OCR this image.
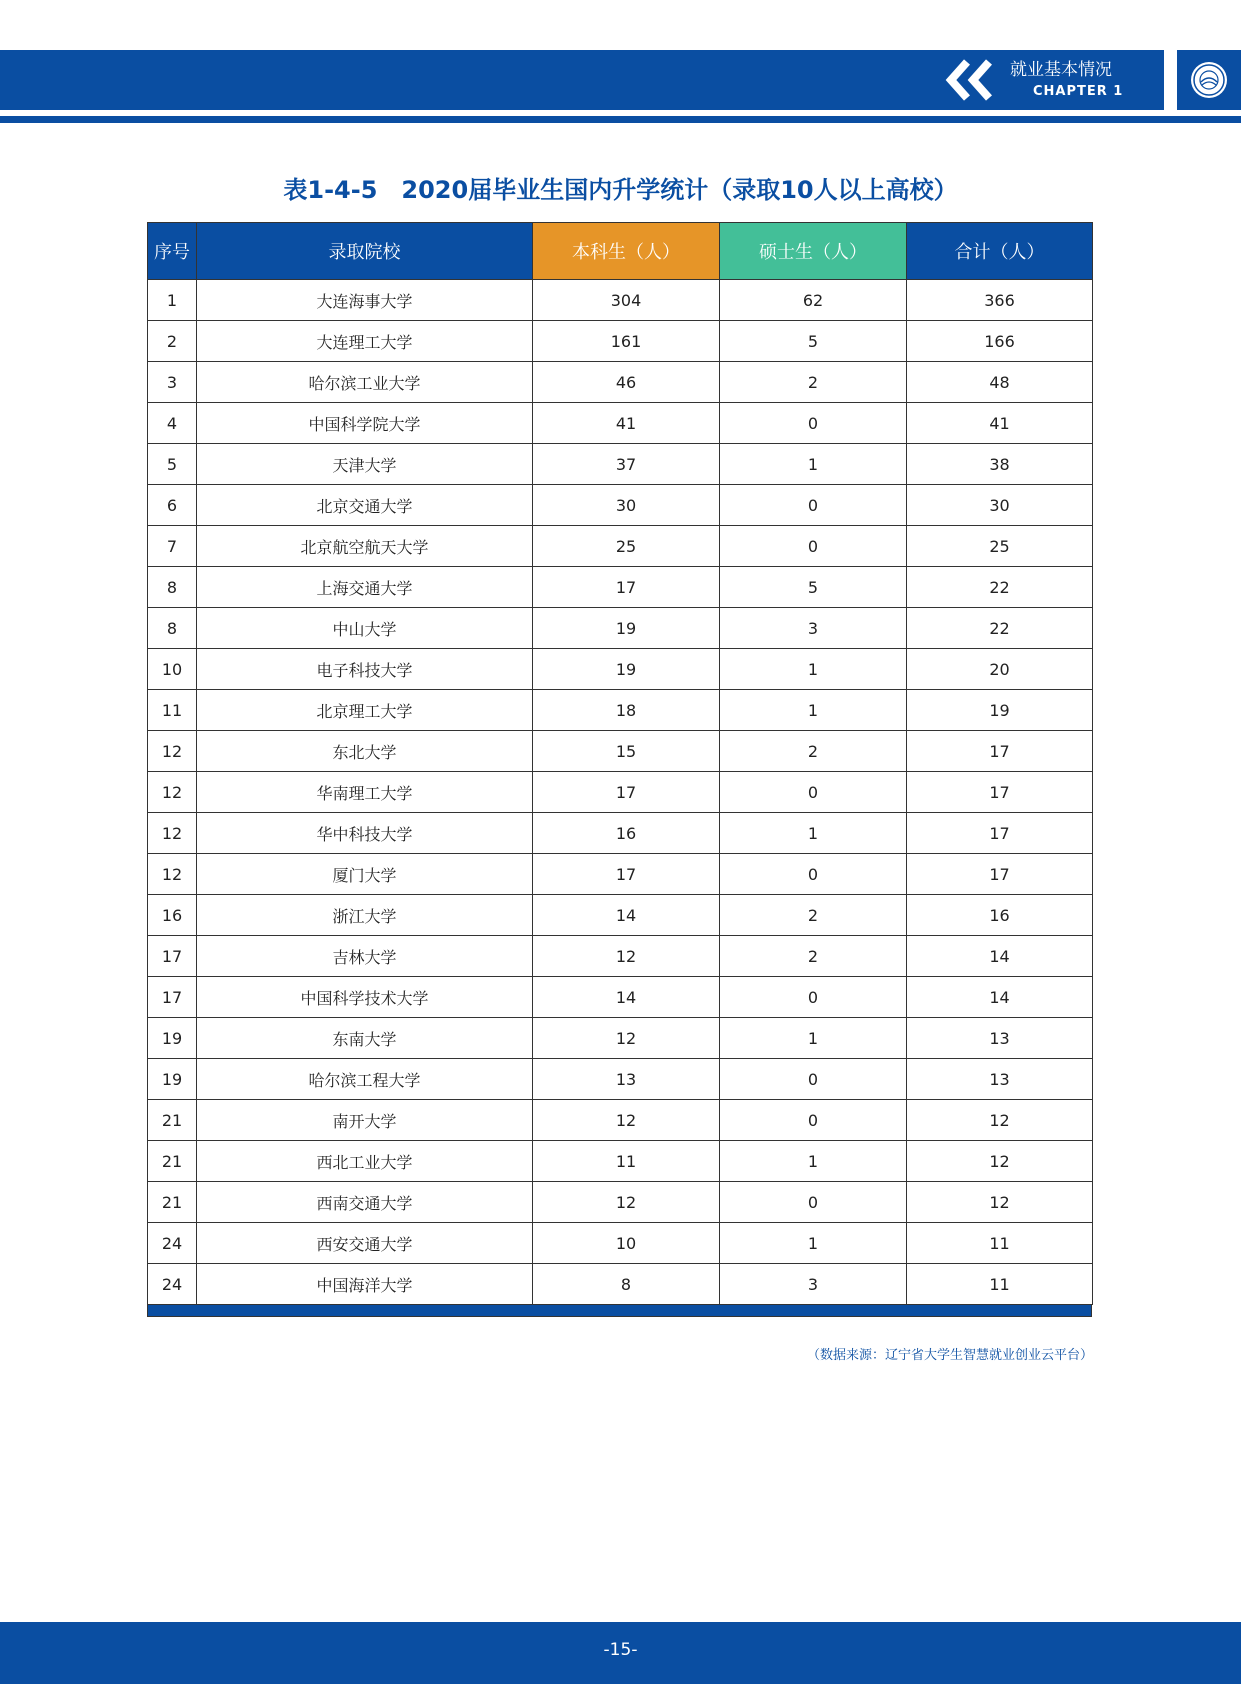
就业基本情况
CHAPTER 1
表1-4-5　2020届毕业生国内升学统计（录取10人以上高校）
序号	录取院校	本科生（人）	硕士生（人）	合计（人）
1	大连海事大学	304	62	366
2	大连理工大学	161	5	166
3	哈尔滨工业大学	46	2	48
4	中国科学院大学	41	0	41
5	天津大学	37	1	38
6	北京交通大学	30	0	30
7	北京航空航天大学	25	0	25
8	上海交通大学	17	5	22
8	中山大学	19	3	22
10	电子科技大学	19	1	20
11	北京理工大学	18	1	19
12	东北大学	15	2	17
12	华南理工大学	17	0	17
12	华中科技大学	16	1	17
12	厦门大学	17	0	17
16	浙江大学	14	2	16
17	吉林大学	12	2	14
17	中国科学技术大学	14	0	14
19	东南大学	12	1	13
19	哈尔滨工程大学	13	0	13
21	南开大学	12	0	12
21	西北工业大学	11	1	12
21	西南交通大学	12	0	12
24	西安交通大学	10	1	11
24	中国海洋大学	8	3	11
（数据来源：辽宁省大学生智慧就业创业云平台）
-15-
